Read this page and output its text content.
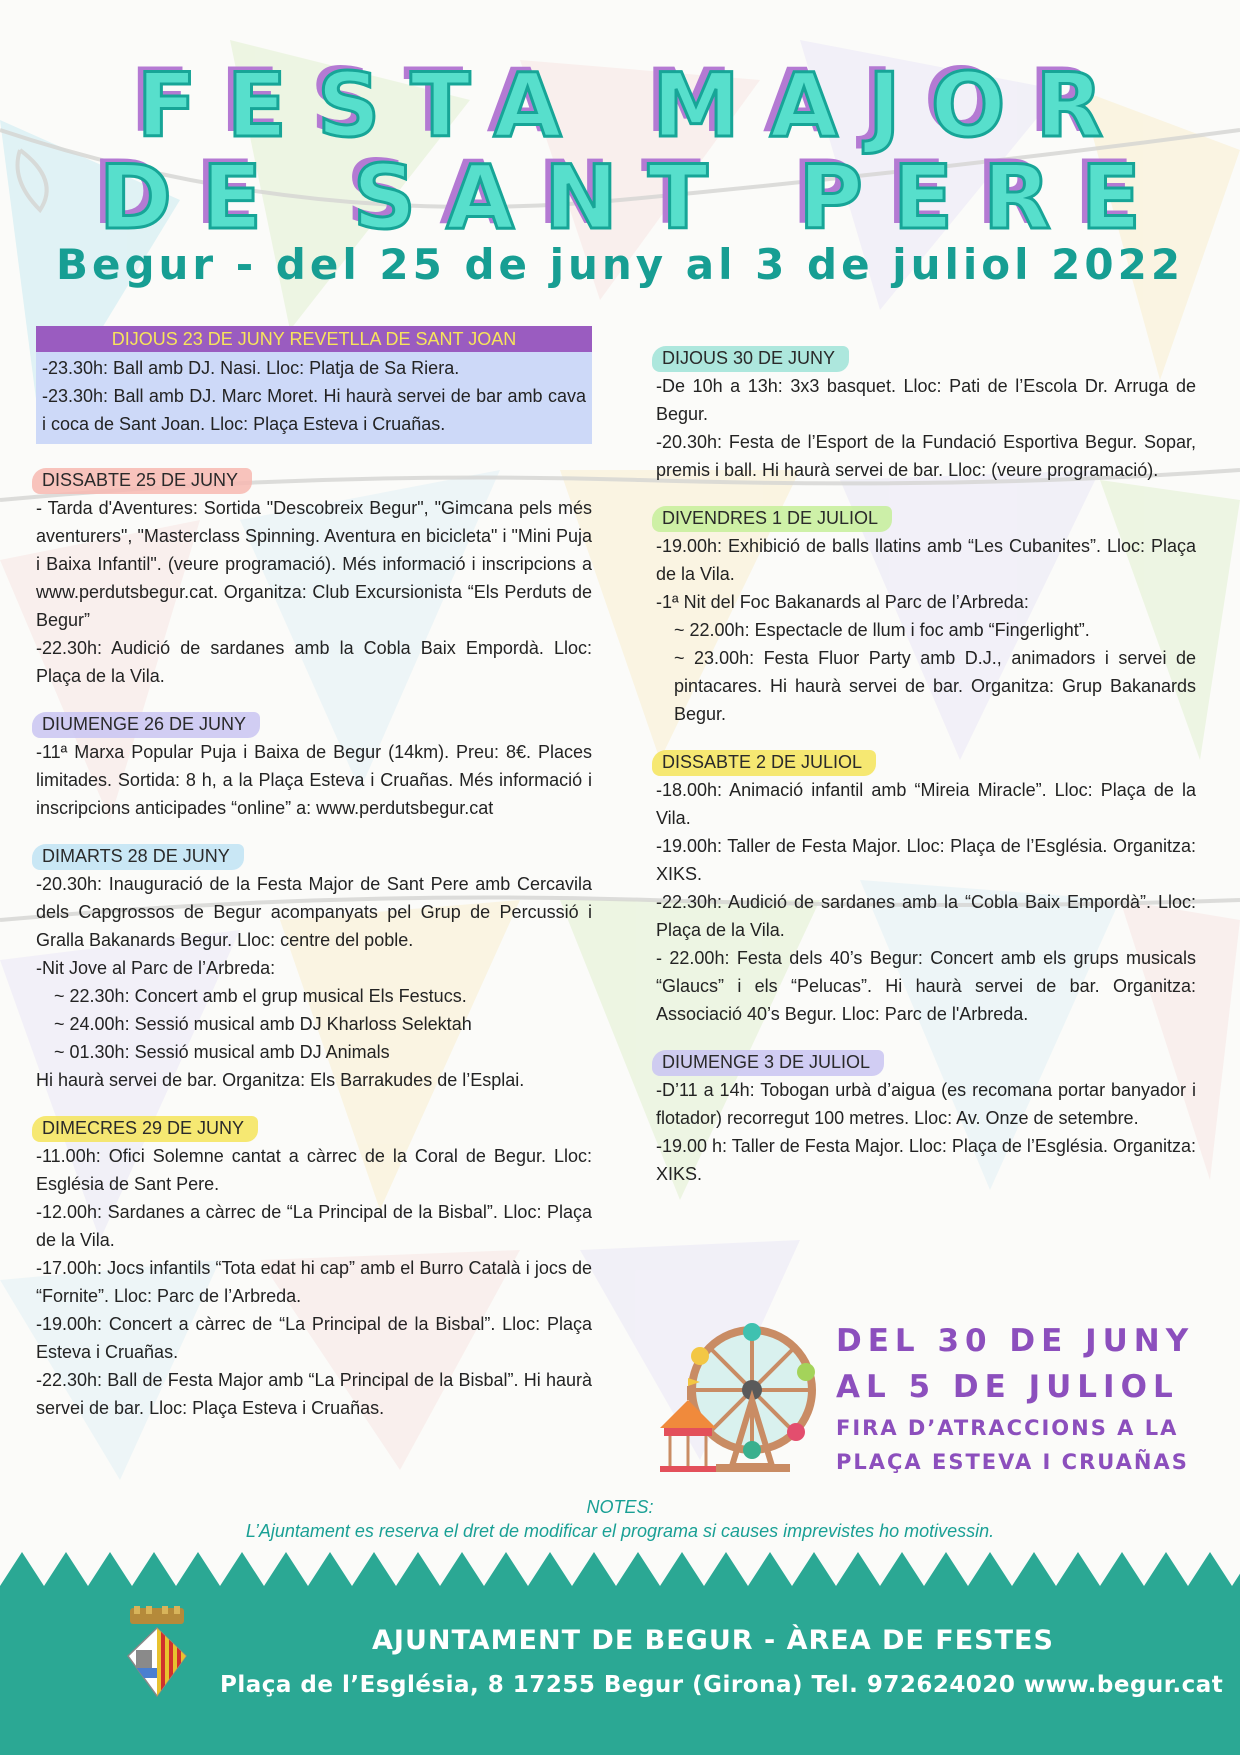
FESTA MAJOR
DE SANT PERE
Begur - del 25 de juny al 3 de juliol 2022
DIJOUS 23 DE JUNY REVETLLA DE SANT JOAN

-23.30h: Ball amb DJ. Nasi. Lloc: Platja de Sa Riera.

-23.30h: Ball amb DJ. Marc Moret. Hi haurà servei de bar amb cava i coca de Sant Joan. Lloc: Plaça Esteva i Cruañas.

DISSABTE 25 DE JUNY

- Tarda d'Aventures: Sortida "Descobreix Begur", "Gimcana pels més aventurers", "Masterclass Spinning. Aventura en bicicleta" i "Mini Puja i Baixa Infantil". (veure programació). Més informació i inscripcions a www.perdutsbegur.cat. Organitza: Club Excursionista “Els Perduts de Begur”

-22.30h: Audició de sardanes amb la Cobla Baix Empordà. Lloc: Plaça de la Vila.

DIUMENGE 26 DE JUNY

-11ª Marxa Popular Puja i Baixa de Begur (14km). Preu: 8€. Places limitades. Sortida: 8 h, a la Plaça Esteva i Cruañas. Més informació i inscripcions anticipades “online” a: www.perdutsbegur.cat

DIMARTS 28 DE JUNY

-20.30h: Inauguració de la Festa Major de Sant Pere amb Cercavila dels Capgrossos de Begur acompanyats pel Grup de Percussió i Gralla Bakanards Begur. Lloc: centre del poble.

-Nit Jove al Parc de l’Arbreda:

~ 22.30h: Concert amb el grup musical Els Festucs.

~ 24.00h: Sessió musical amb DJ Kharloss Selektah

~ 01.30h: Sessió musical amb DJ Animals

Hi haurà servei de bar. Organitza: Els Barrakudes de l’Esplai.

DIMECRES 29 DE JUNY

-11.00h: Ofici Solemne cantat a càrrec de la Coral de Begur. Lloc: Església de Sant Pere.

-12.00h: Sardanes a càrrec de “La Principal de la Bisbal”. Lloc: Plaça de la Vila.

-17.00h: Jocs infantils “Tota edat hi cap” amb el Burro Català i jocs de “Fornite”. Lloc: Parc de l’Arbreda.

-19.00h: Concert a càrrec de “La Principal de la Bisbal”. Lloc: Plaça Esteva i Cruañas.

-22.30h: Ball de Festa Major amb “La Principal de la Bisbal”. Hi haurà servei de bar. Lloc: Plaça Esteva i Cruañas.

DIJOUS 30 DE JUNY

-De 10h a 13h: 3x3 basquet. Lloc: Pati de l’Escola Dr. Arruga de Begur.

-20.30h: Festa de l’Esport de la Fundació Esportiva Begur. Sopar, premis i ball. Hi haurà servei de bar. Lloc: (veure programació).

DIVENDRES 1 DE JULIOL

-19.00h: Exhibició de balls llatins amb “Les Cubanites”. Lloc: Plaça de la Vila.

-1ª Nit del Foc Bakanards al Parc de l’Arbreda:

~ 22.00h: Espectacle de llum i foc amb “Fingerlight”.

~ 23.00h: Festa Fluor Party amb D.J., animadors i servei de pintacares. Hi haurà servei de bar. Organitza: Grup Bakanards Begur.

DISSABTE 2 DE JULIOL

-18.00h: Animació infantil amb “Mireia Miracle”. Lloc: Plaça de la Vila.

-19.00h: Taller de Festa Major. Lloc: Plaça de l’Església. Organitza: XIKS.

-22.30h: Audició de sardanes amb la “Cobla Baix Empordà”. Lloc: Plaça de la Vila.

- 22.00h: Festa dels 40’s Begur: Concert amb els grups musicals “Glaucs” i els “Pelucas”. Hi haurà servei de bar. Organitza: Associació 40’s Begur. Lloc: Parc de l'Arbreda.

DIUMENGE 3 DE JULIOL

-D’11 a 14h: Tobogan urbà d’aigua (es recomana portar banyador i flotador) recorregut 100 metres. Lloc: Av. Onze de setembre.

-19.00 h: Taller de Festa Major. Lloc: Plaça de l’Església. Organitza: XIKS.

DEL 30 DE JUNY
AL 5 DE JULIOL
FIRA D’ATRACCIONS A LA
PLAÇA ESTEVA I CRUAÑAS
NOTES:
L’Ajuntament es reserva el dret de modificar el programa si causes imprevistes ho motivessin.
AJUNTAMENT DE BEGUR - ÀREA DE FESTES
Plaça de l’Església, 8 17255 Begur (Girona) Tel. 972624020 www.begur.cat
